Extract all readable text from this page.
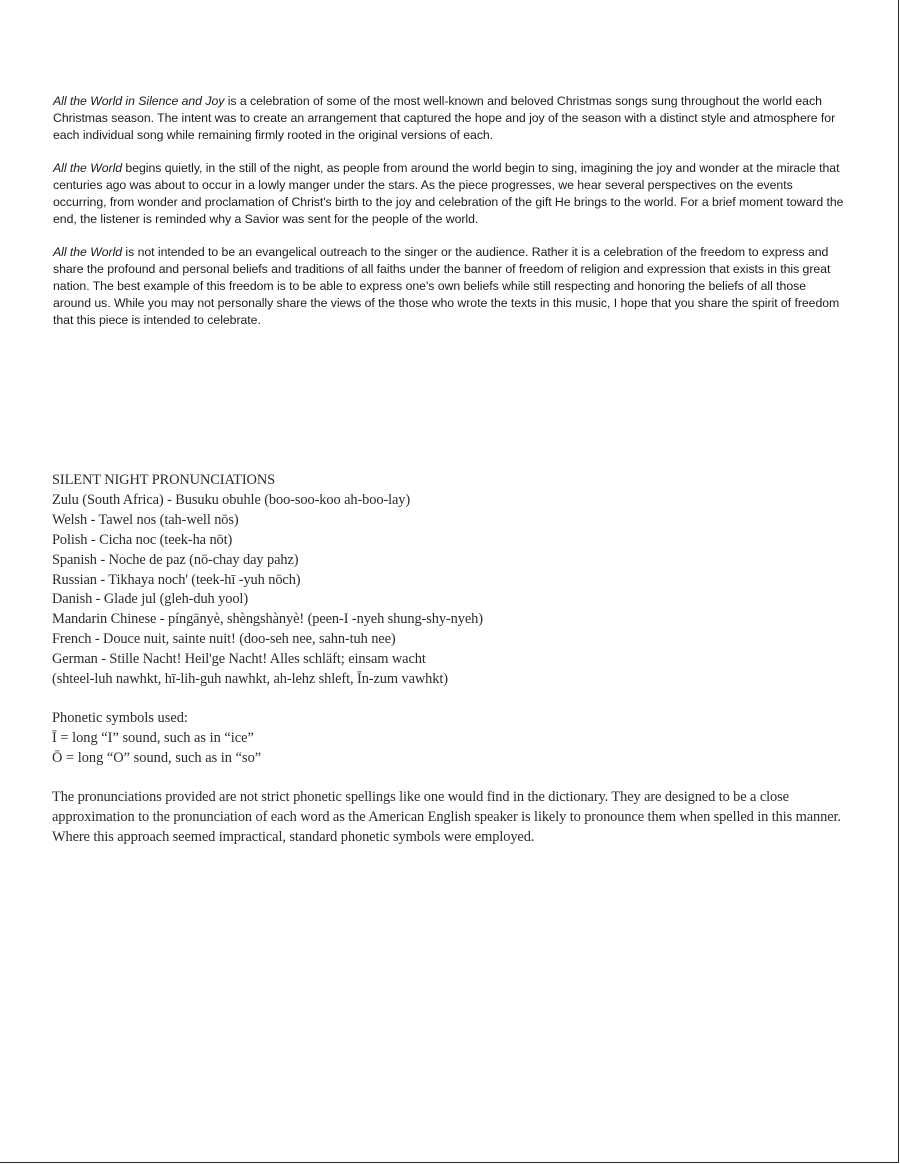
All the World in Silence and Joy is a celebration of some of the most well-known and beloved Christmas songs sung throughout the world each Christmas season. The intent was to create an arrangement that captured the hope and joy of the season with a distinct style and atmosphere for each individual song while remaining firmly rooted in the original versions of each.

All the World begins quietly, in the still of the night, as people from around the world begin to sing, imagining the joy and wonder at the miracle that centuries ago was about to occur in a lowly manger under the stars. As the piece progresses, we hear several perspectives on the events occurring, from wonder and proclamation of Christ's birth to the joy and celebration of the gift He brings to the world. For a brief moment toward the end, the listener is reminded why a Savior was sent for the people of the world.

All the World is not intended to be an evangelical outreach to the singer or the audience. Rather it is a celebration of the freedom to express and share the profound and personal beliefs and traditions of all faiths under the banner of freedom of religion and expression that exists in this great nation. The best example of this freedom is to be able to express one's own beliefs while still respecting and honoring the beliefs of all those around us. While you may not personally share the views of the those who wrote the texts in this music, I hope that you share the spirit of freedom that this piece is intended to celebrate.

SILENT NIGHT PRONUNCIATIONS
Zulu (South Africa) - Busuku obuhle (boo-soo-koo ah-boo-lay)
Welsh - Tawel nos (tah-well nōs)
Polish - Cicha noc (teek-ha nōt)
Spanish - Noche de paz (nō-chay day pahz)
Russian - Tikhaya noch' (teek-hī -yuh nōch)
Danish - Glade jul (gleh-duh yool)
Mandarin Chinese - píngānyè, shèngshànyè! (peen-I -nyeh shung-shy-nyeh)
French - Douce nuit, sainte nuit! (doo-seh nee, sahn-tuh nee)
German - Stille Nacht! Heil'ge Nacht! Alles schläft; einsam wacht
(shteel-luh nawhkt, hī-lih-guh nawhkt, ah-lehz shleft, Īn-zum vawhkt)
Phonetic symbols used:
Ī = long “I” sound, such as in “ice”
Ō = long “O” sound, such as in “so”

The pronunciations provided are not strict phonetic spellings like one would find in the dictionary. They are designed to be a close approximation to the pronunciation of each word as the American English speaker is likely to pronounce them when spelled in this manner. Where this approach seemed impractical, standard phonetic symbols were employed.
